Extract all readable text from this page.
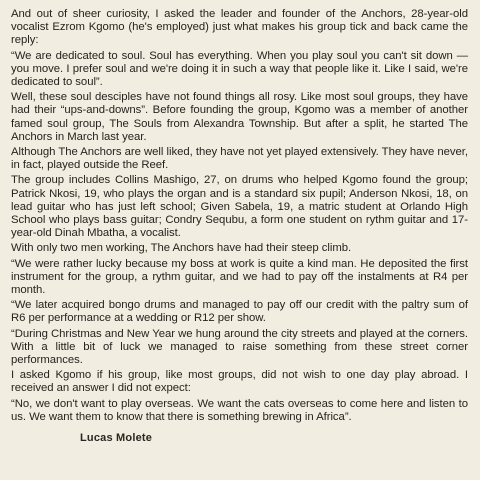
And out of sheer curiosity, I asked the leader and founder of the Anchors, 28-year-old vocalist Ezrom Kgomo (he's employed) just what makes his group tick and back came the reply:

“We are dedicated to soul. Soul has everything. When you play soul you can't sit down — you move. I prefer soul and we're doing it in such a way that people like it. Like I said, we're dedicated to soul”.

Well, these soul desciples have not found things all rosy. Like most soul groups, they have had their “ups-and-downs”. Before founding the group, Kgomo was a member of another famed soul group, The Souls from Alexandra Township. But after a split, he started The Anchors in March last year.

Although The Anchors are well liked, they have not yet played extensively. They have never, in fact, played outside the Reef.

The group includes Collins Mashigo, 27, on drums who helped Kgomo found the group; Patrick Nkosi, 19, who plays the organ and is a standard six pupil; Anderson Nkosi, 18, on lead guitar who has just left school; Given Sabela, 19, a matric student at Orlando High School who plays bass guitar; Condry Sequbu, a form one student on rythm guitar and 17-year-old Dinah Mbatha, a vocalist.

With only two men working, The Anchors have had their steep climb.

“We were rather lucky because my boss at work is quite a kind man. He deposited the first instrument for the group, a rythm guitar, and we had to pay off the instalments at R4 per month.

“We later acquired bongo drums and managed to pay off our credit with the paltry sum of R6 per performance at a wedding or R12 per show.

“During Christmas and New Year we hung around the city streets and played at the corners. With a little bit of luck we managed to raise something from these street corner performances.

I asked Kgomo if his group, like most groups, did not wish to one day play abroad. I received an answer I did not expect:

“No, we don't want to play overseas. We want the cats overseas to come here and listen to us. We want them to know that there is something brewing in Africa”.

Lucas Molete
